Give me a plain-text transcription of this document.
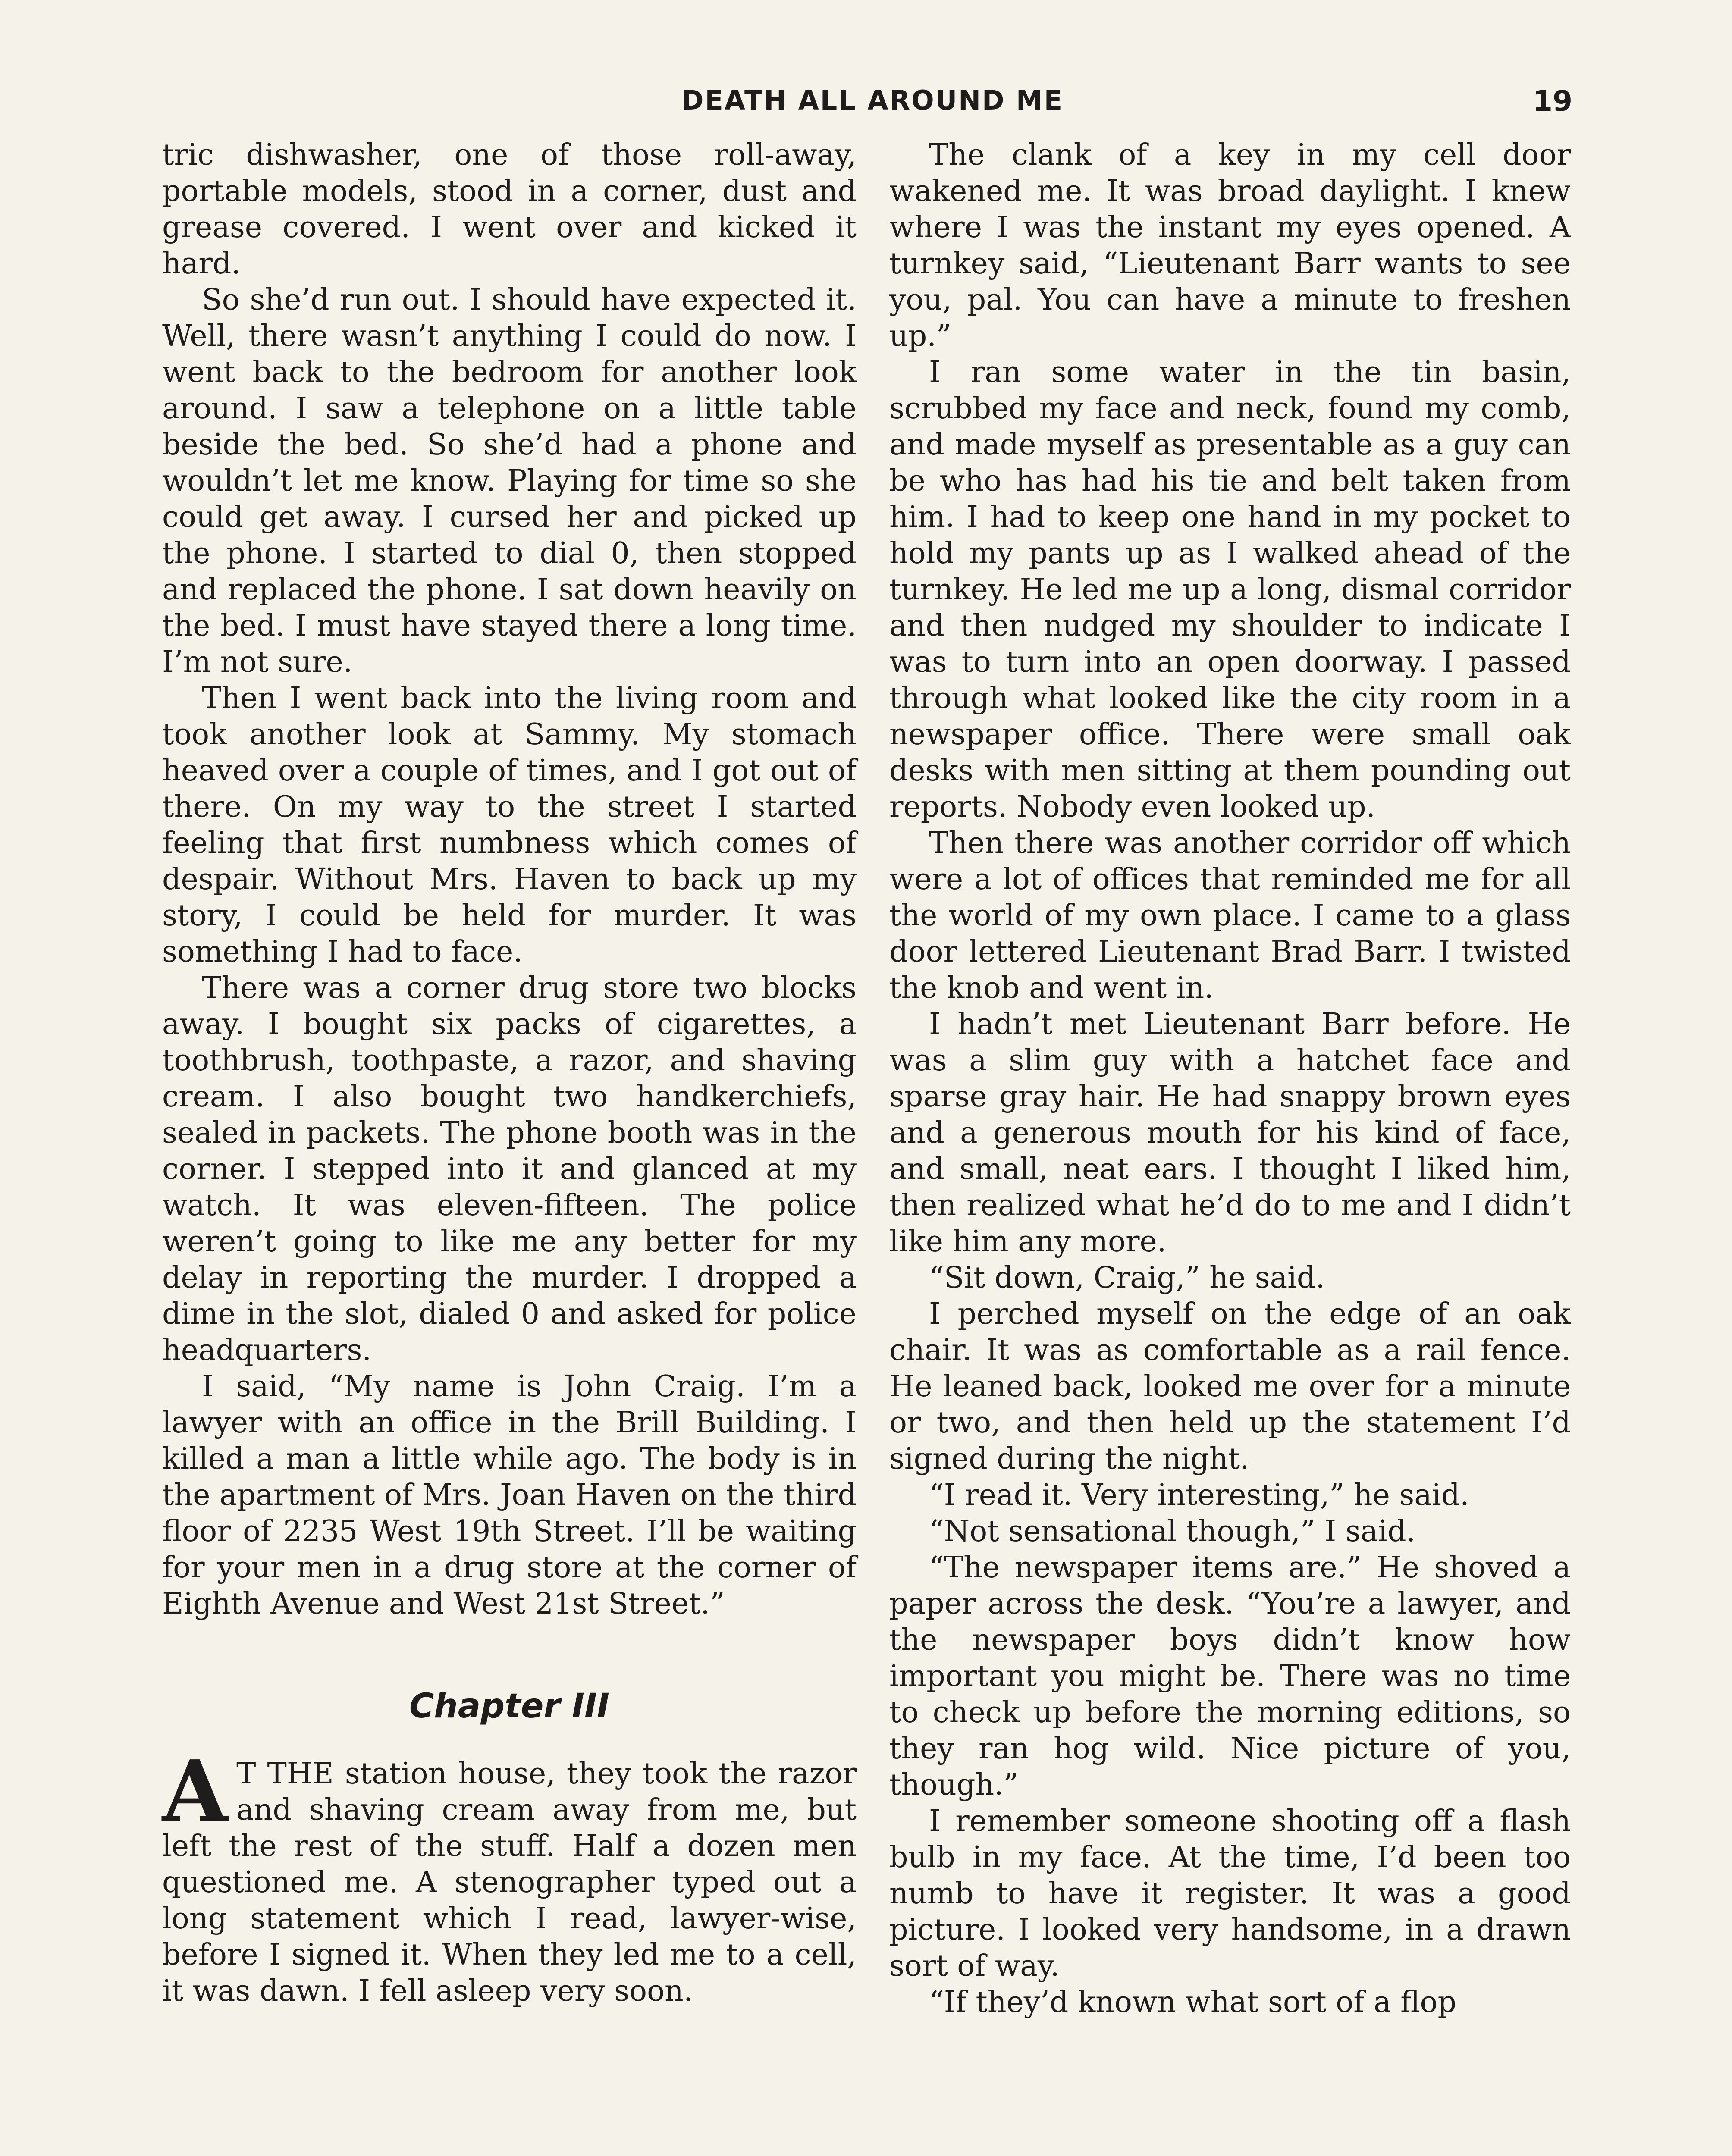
DEATH ALL AROUND ME	19

tric dishwasher, one of those roll-away, portable models, stood in a corner, dust and grease covered. I went over and kicked it hard.

So she’d run out. I should have expected it. Well, there wasn’t anything I could do now. I went back to the bedroom for another look around. I saw a telephone on a little table beside the bed. So she’d had a phone and wouldn’t let me know. Playing for time so she could get away. I cursed her and picked up the phone. I started to dial 0, then stopped and replaced the phone. I sat down heavily on the bed. I must have stayed there a long time. I’m not sure.

Then I went back into the living room and took another look at Sammy. My stomach heaved over a couple of times, and I got out of there. On my way to the street I started feeling that first numbness which comes of despair. Without Mrs. Haven to back up my story, I could be held for murder. It was something I had to face.

There was a corner drug store two blocks away. I bought six packs of cigarettes, a toothbrush, toothpaste, a razor, and shaving cream. I also bought two handkerchiefs, sealed in packets. The phone booth was in the corner. I stepped into it and glanced at my watch. It was eleven-fifteen. The police weren’t going to like me any better for my delay in reporting the murder. I dropped a dime in the slot, dialed 0 and asked for police headquarters.

I said, “My name is John Craig. I’m a lawyer with an office in the Brill Building. I killed a man a little while ago. The body is in the apartment of Mrs. Joan Haven on the third floor of 2235 West 19th Street. I’ll be waiting for your men in a drug store at the corner of Eighth Avenue and West 21st Street.”

Chapter III

A T THE station house, they took the razor and shaving cream away from me, but left the rest of the stuff. Half a dozen men questioned me. A stenographer typed out a long statement which I read, lawyer-wise, before I signed it. When they led me to a cell, it was dawn. I fell asleep very soon.

The clank of a key in my cell door wakened me. It was broad daylight. I knew where I was the instant my eyes opened. A turnkey said, “Lieutenant Barr wants to see you, pal. You can have a minute to freshen up.”

I ran some water in the tin basin, scrubbed my face and neck, found my comb, and made myself as presentable as a guy can be who has had his tie and belt taken from him. I had to keep one hand in my pocket to hold my pants up as I walked ahead of the turnkey. He led me up a long, dismal corridor and then nudged my shoulder to indicate I was to turn into an open doorway. I passed through what looked like the city room in a newspaper office. There were small oak desks with men sitting at them pounding out reports. Nobody even looked up.

Then there was another corridor off which were a lot of offices that reminded me for all the world of my own place. I came to a glass door lettered Lieutenant Brad Barr. I twisted the knob and went in.

I hadn’t met Lieutenant Barr before. He was a slim guy with a hatchet face and sparse gray hair. He had snappy brown eyes and a generous mouth for his kind of face, and small, neat ears. I thought I liked him, then realized what he’d do to me and I didn’t like him any more.

“Sit down, Craig,” he said.

I perched myself on the edge of an oak chair. It was as comfortable as a rail fence. He leaned back, looked me over for a minute or two, and then held up the statement I’d signed during the night.

“I read it. Very interesting,” he said.

“Not sensational though,” I said.

“The newspaper items are.” He shoved a paper across the desk. “You’re a lawyer, and the newspaper boys didn’t know how important you might be. There was no time to check up before the morning editions, so they ran hog wild. Nice picture of you, though.”

I remember someone shooting off a flash bulb in my face. At the time, I’d been too numb to have it register. It was a good picture. I looked very handsome, in a drawn sort of way.

“If they’d known what sort of a flop
